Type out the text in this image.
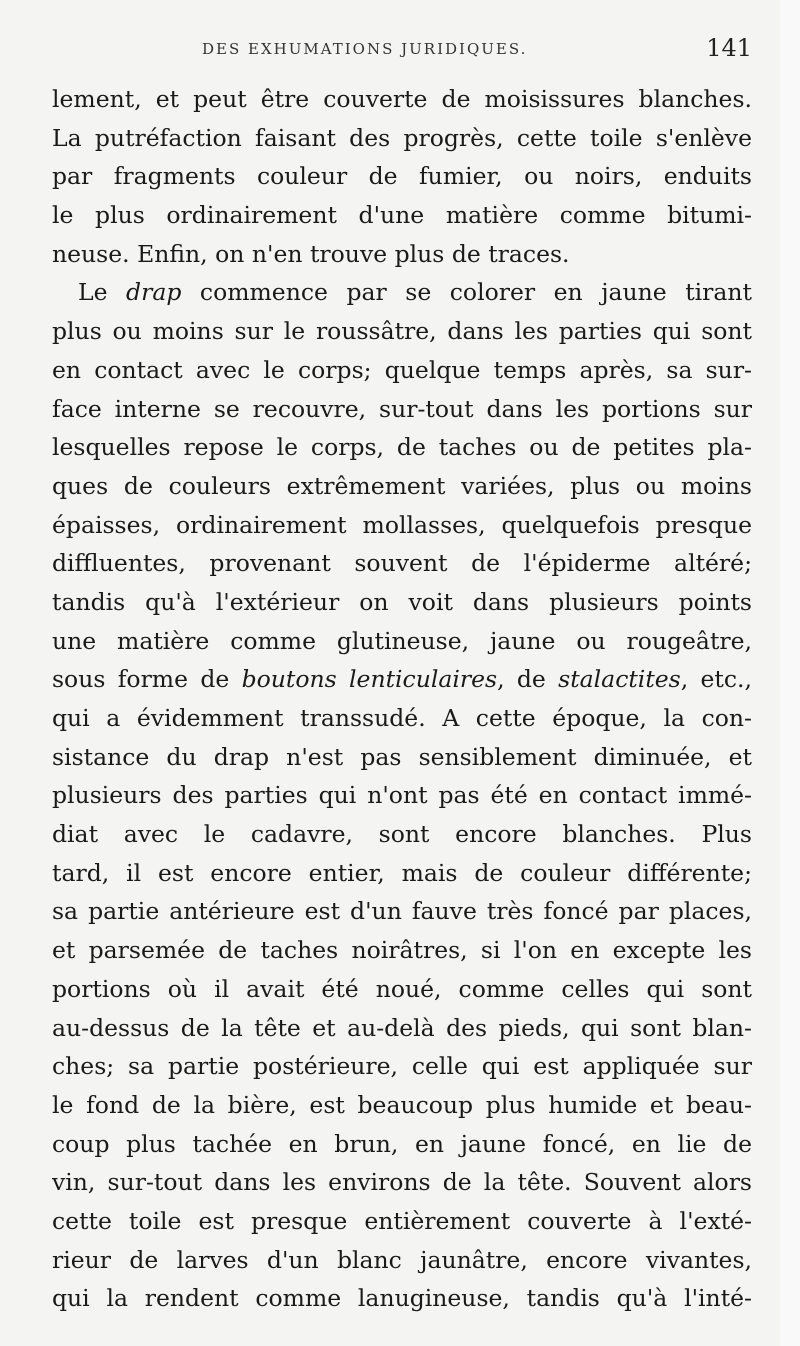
DES EXHUMATIONS JURIDIQUES.	141
lement, et peut être couverte de moisissures blanches.
La putréfaction faisant des progrès, cette toile s'enlève
par fragments couleur de fumier, ou noirs, enduits
le plus ordinairement d'une matière comme bitumi-
neuse. Enfin, on n'en trouve plus de traces.
Le drap commence par se colorer en jaune tirant
plus ou moins sur le roussâtre, dans les parties qui sont
en contact avec le corps; quelque temps après, sa sur-
face interne se recouvre, sur-tout dans les portions sur
lesquelles repose le corps, de taches ou de petites pla-
ques de couleurs extrêmement variées, plus ou moins
épaisses, ordinairement mollasses, quelquefois presque
diffluentes, provenant souvent de l'épiderme altéré;
tandis qu'à l'extérieur on voit dans plusieurs points
une matière comme glutineuse, jaune ou rougeâtre,
sous forme de boutons lenticulaires, de stalactites, etc.,
qui a évidemment transsudé. A cette époque, la con-
sistance du drap n'est pas sensiblement diminuée, et
plusieurs des parties qui n'ont pas été en contact immé-
diat avec le cadavre, sont encore blanches. Plus
tard, il est encore entier, mais de couleur différente;
sa partie antérieure est d'un fauve très foncé par places,
et parsemée de taches noirâtres, si l'on en excepte les
portions où il avait été noué, comme celles qui sont
au-dessus de la tête et au-delà des pieds, qui sont blan-
ches; sa partie postérieure, celle qui est appliquée sur
le fond de la bière, est beaucoup plus humide et beau-
coup plus tachée en brun, en jaune foncé, en lie de
vin, sur-tout dans les environs de la tête. Souvent alors
cette toile est presque entièrement couverte à l'exté-
rieur de larves d'un blanc jaunâtre, encore vivantes,
qui la rendent comme lanugineuse, tandis qu'à l'inté-
